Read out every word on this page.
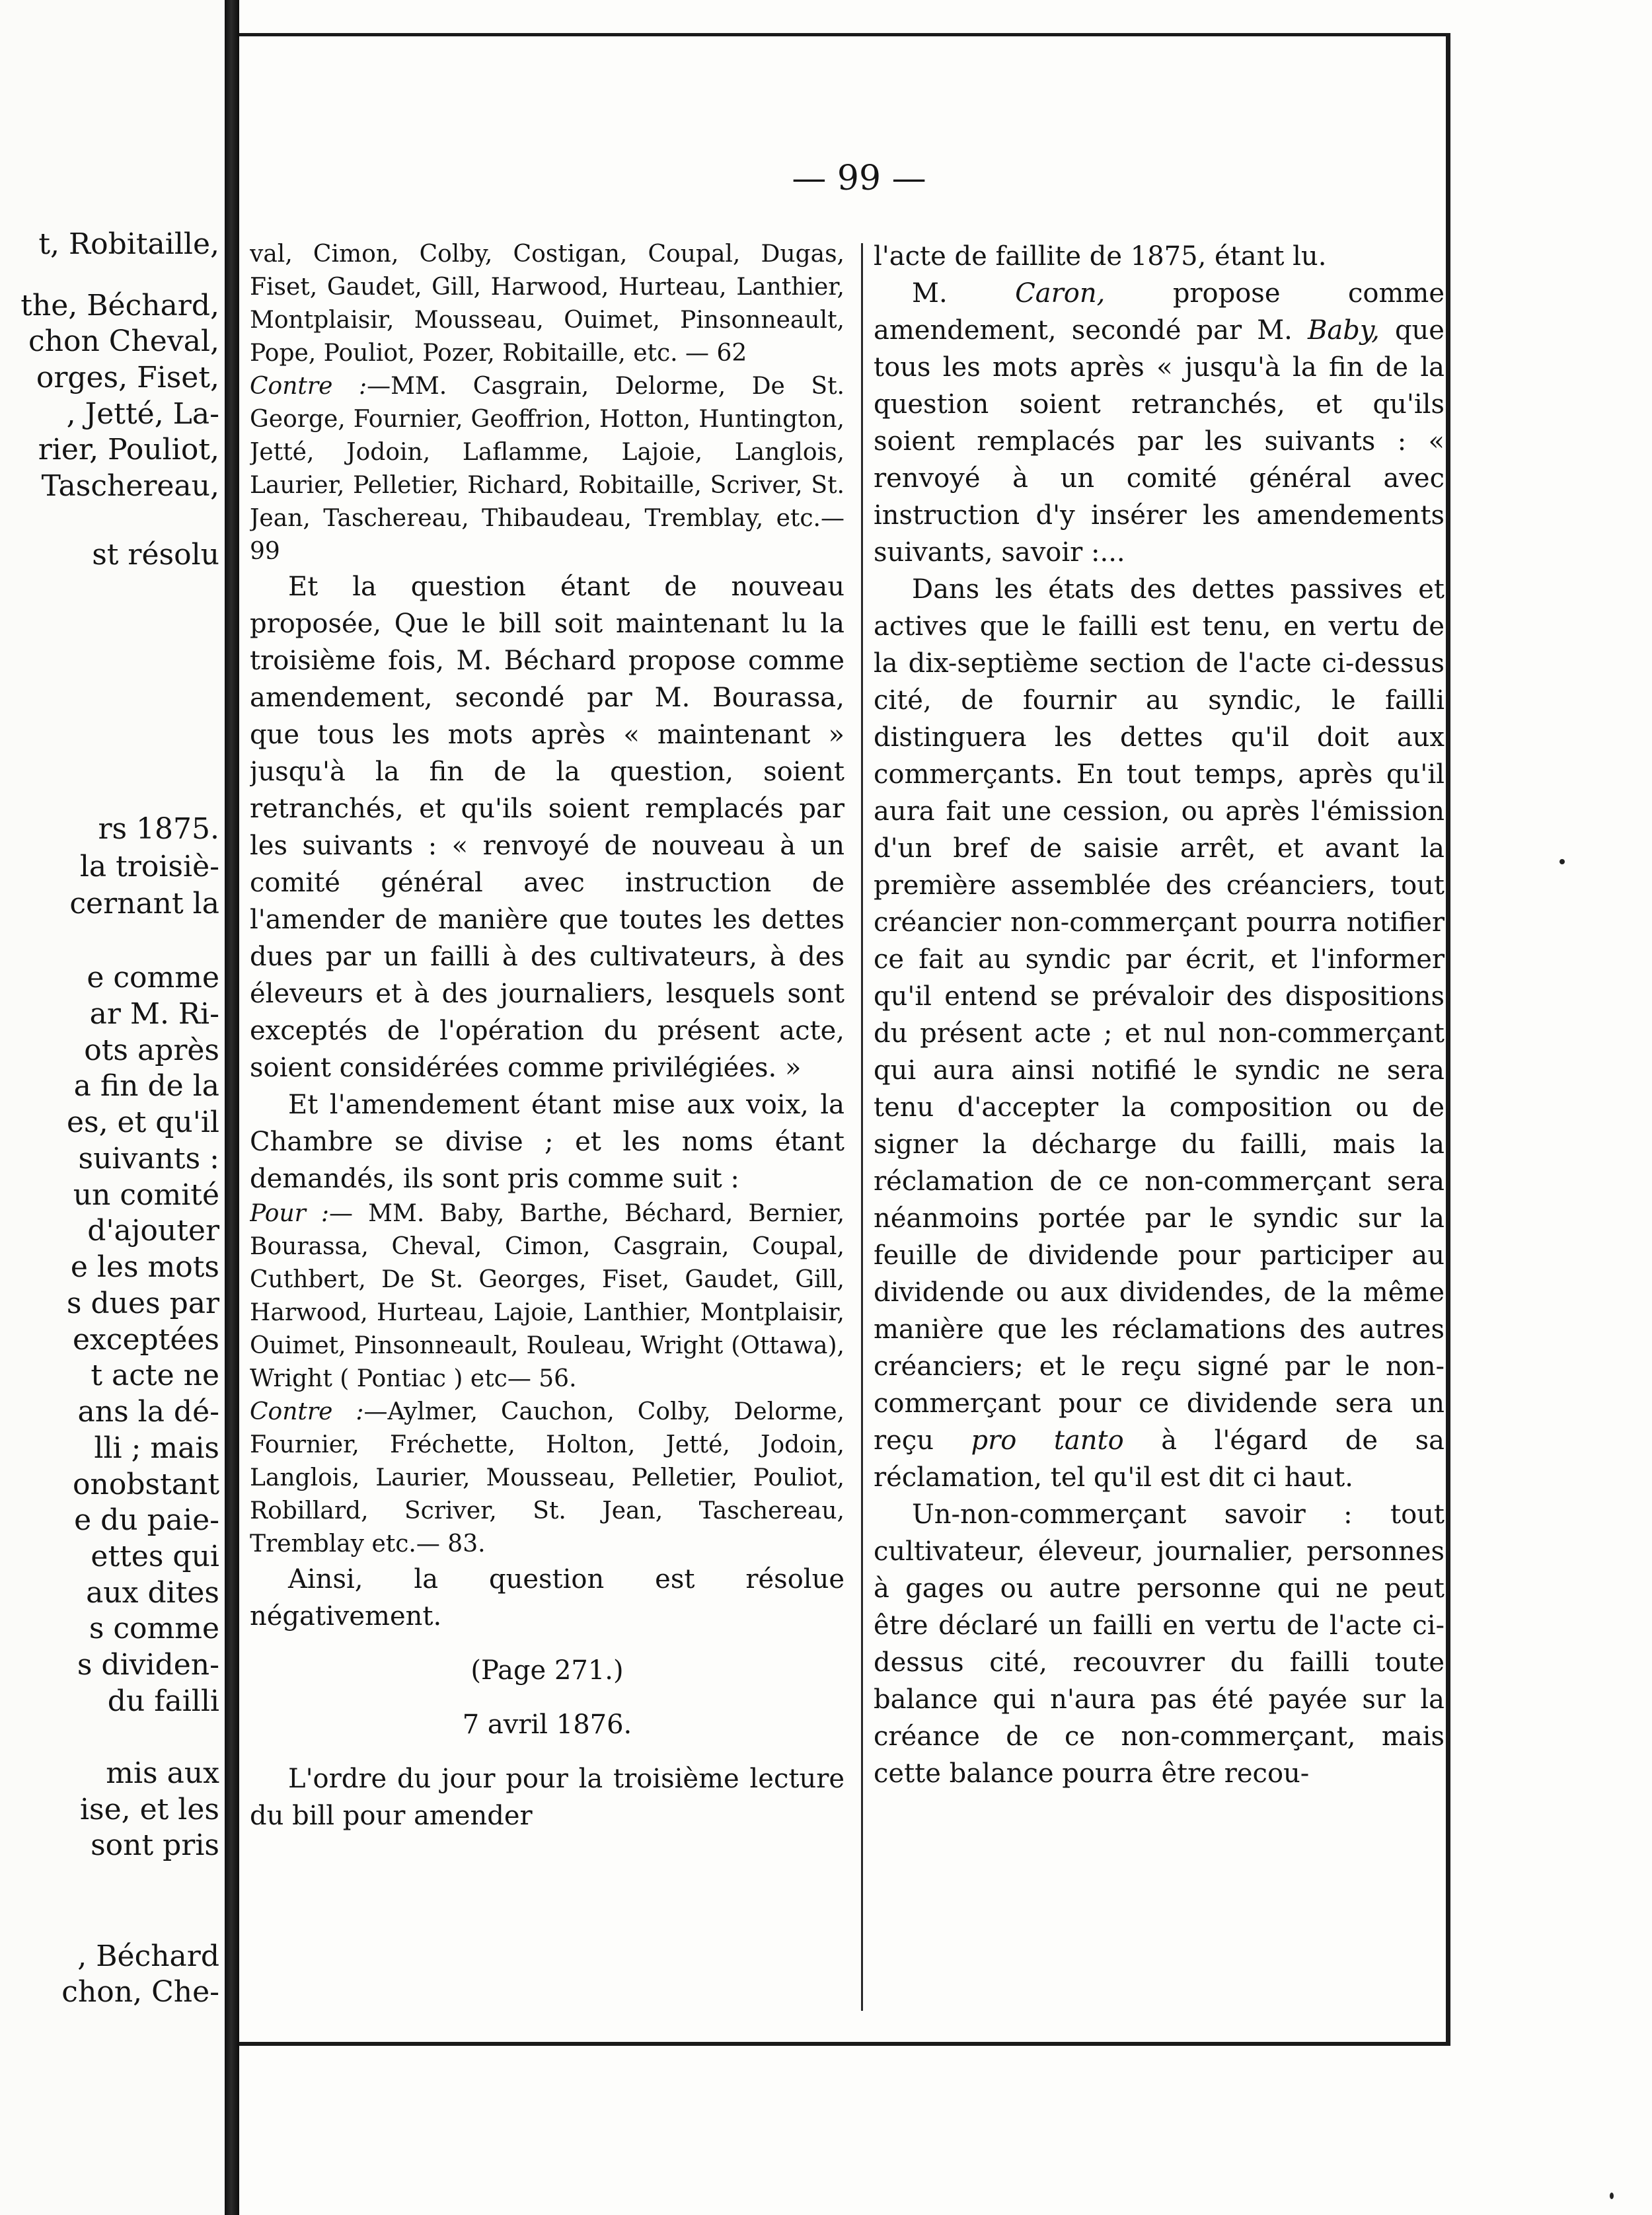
t, Robitaille,
the, Béchard,
chon Cheval,
orges, Fiset,
, Jetté, La-
rier, Pouliot,
Taschereau,
st résolu
rs 1875.
la troisiè-
cernant la
e comme
ar M. Ri-
ots après
a fin de la
es, et qu'il
suivants :
un comité
d'ajouter
e les mots
s dues par
exceptées
t acte ne
ans la dé-
lli ; mais
onobstant
e du paie-
ettes qui
aux dites
s comme
s dividen-
du failli
mis aux
ise, et les
sont pris
, Béchard
chon, Che-
— 99 —

val, Cimon, Colby, Costigan, Coupal, Dugas, Fiset, Gaudet, Gill, Harwood, Hurteau, Lanthier, Montplaisir, Mousseau, Ouimet, Pinsonneault, Pope, Pouliot, Pozer, Robitaille, etc. — 62

Contre :—MM. Casgrain, Delorme, De St. George, Fournier, Geoffrion, Hotton, Huntington, Jetté, Jodoin, Laflamme, Lajoie, Langlois, Laurier, Pelletier, Richard, Robitaille, Scriver, St. Jean, Taschereau, Thibaudeau, Tremblay, etc.—99

Et la question étant de nouveau proposée, Que le bill soit maintenant lu la troisième fois, M. Béchard propose comme amendement, secondé par M. Bourassa, que tous les mots après « maintenant » jusqu'à la fin de la question, soient retranchés, et qu'ils soient remplacés par les suivants : « renvoyé de nouveau à un comité général avec instruction de l'amender de manière que toutes les dettes dues par un failli à des cultivateurs, à des éleveurs et à des journaliers, lesquels sont exceptés de l'opération du présent acte, soient considérées comme privilégiées. »

Et l'amendement étant mise aux voix, la Chambre se divise ; et les noms étant demandés, ils sont pris comme suit :

Pour :— MM. Baby, Barthe, Béchard, Bernier, Bourassa, Cheval, Cimon, Casgrain, Coupal, Cuthbert, De St. Georges, Fiset, Gaudet, Gill, Harwood, Hurteau, Lajoie, Lanthier, Montplaisir, Ouimet, Pinsonneault, Rouleau, Wright (Ottawa), Wright ( Pontiac ) etc— 56.

Contre :—Aylmer, Cauchon, Colby, Delorme, Fournier, Fréchette, Holton, Jetté, Jodoin, Langlois, Laurier, Mousseau, Pelletier, Pouliot, Robillard, Scriver, St. Jean, Taschereau, Tremblay etc.— 83.

Ainsi, la question est résolue négativement.

(Page 271.)

7 avril 1876.

L'ordre du jour pour la troisième lecture du bill pour amender

l'acte de faillite de 1875, étant lu.

M.	Caron,	propose comme amendement, secondé par M. Baby, que tous les mots après « jusqu'à la fin de la question soient retranchés, et qu'ils soient remplacés par les suivants : « renvoyé à un comité général avec instruction d'y insérer les amendements suivants, savoir :...

Dans les états des dettes passives et actives que le failli est tenu, en vertu de la dix-septième section de l'acte ci-dessus cité, de fournir au syndic, le failli distinguera les dettes qu'il doit aux commerçants. En tout temps, après qu'il aura fait une cession, ou après l'émission d'un bref de saisie arrêt, et avant la première assemblée des créanciers, tout créancier non-commerçant pourra notifier ce fait au syndic par écrit, et l'informer qu'il entend se prévaloir des dispositions du présent acte ; et nul non-commerçant qui aura ainsi notifié le syndic ne sera tenu d'accepter la composition ou de signer la décharge du failli, mais la réclamation de ce non-commerçant sera néanmoins portée par le syndic sur la feuille de dividende pour participer au dividende ou aux dividendes, de la même manière que les réclamations des autres créanciers; et le reçu signé par le non-commerçant pour ce dividende sera un reçu pro tanto à l'égard de sa réclamation, tel qu'il est dit ci haut.

Un-non-commerçant savoir : tout cultivateur, éleveur, journalier, personnes à gages ou autre personne qui ne peut être déclaré un failli en vertu de l'acte ci-dessus cité, recouvrer du failli toute balance qui n'aura pas été payée sur la créance de ce non-commerçant, mais cette balance pourra être recou-
